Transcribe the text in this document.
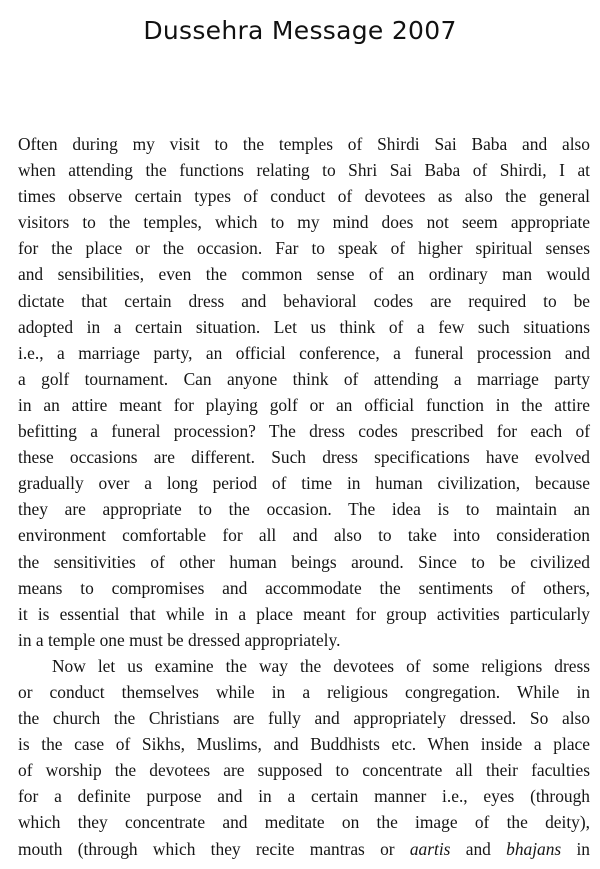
Dussehra Message 2007
Often during my visit to the temples of Shirdi Sai Baba and also
when attending the functions relating to Shri Sai Baba of Shirdi, I at
times observe certain types of conduct of devotees as also the general
visitors to the temples, which to my mind does not seem appropriate
for the place or the occasion. Far to speak of higher spiritual senses
and sensibilities, even the common sense of an ordinary man would
dictate that certain dress and behavioral codes are required to be
adopted in a certain situation. Let us think of a few such situations
i.e., a marriage party, an official conference, a funeral procession and
a golf tournament. Can anyone think of attending a marriage party
in an attire meant for playing golf or an official function in the attire
befitting a funeral procession? The dress codes prescribed for each of
these occasions are different. Such dress specifications have evolved
gradually over a long period of time in human civilization, because
they are appropriate to the occasion. The idea is to maintain an
environment comfortable for all and also to take into consideration
the sensitivities of other human beings around. Since to be civilized
means to compromises and accommodate the sentiments of others,
it is essential that while in a place meant for group activities particularly
in a temple one must be dressed appropriately.
Now let us examine the way the devotees of some religions dress
or conduct themselves while in a religious congregation. While in
the church the Christians are fully and appropriately dressed. So also
is the case of Sikhs, Muslims, and Buddhists etc. When inside a place
of worship the devotees are supposed to concentrate all their faculties
for a definite purpose and in a certain manner i.e., eyes (through
which they concentrate and meditate on the image of the deity),
mouth (through which they recite mantras or aartis and bhajans in
